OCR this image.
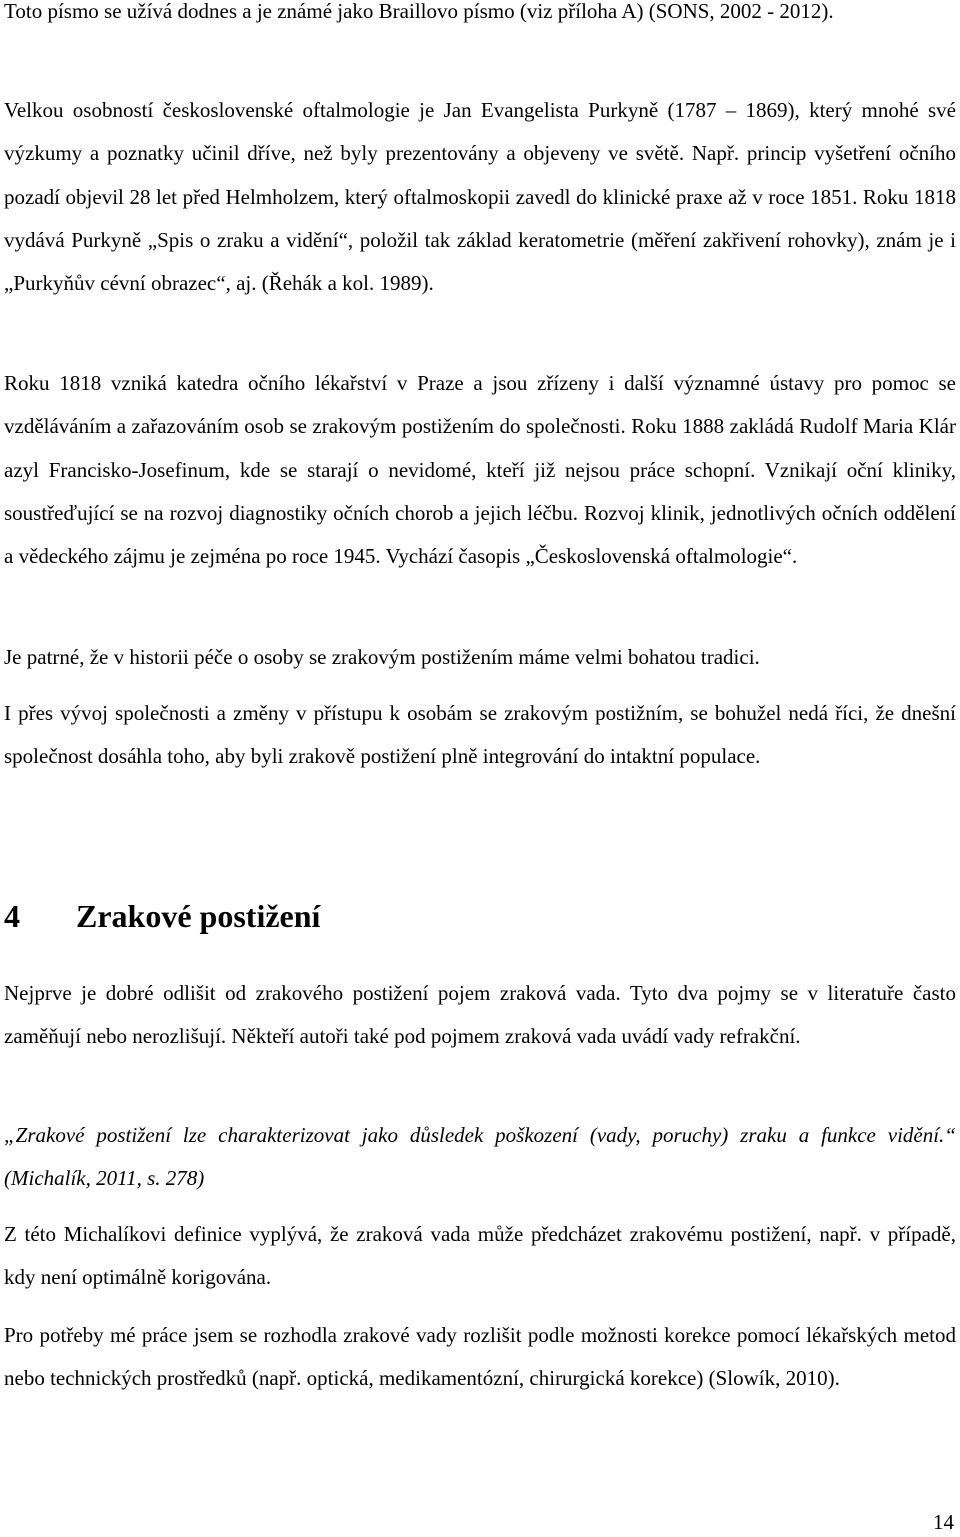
Toto písmo se užívá dodnes a je známé jako Braillovo písmo (viz příloha A) (SONS, 2002 - 2012).

Velkou osobností československé oftalmologie je Jan Evangelista Purkyně (1787 – 1869), který mnohé své výzkumy a poznatky učinil dříve, než byly prezentovány a objeveny ve světě. Např. princip vyšetření očního pozadí objevil 28 let před Helmholzem, který oftalmoskopii zavedl do klinické praxe až v roce 1851. Roku 1818 vydává Purkyně „Spis o zraku a vidění“, položil tak základ keratometrie (měření zakřivení rohovky), znám je i „Purkyňův cévní obrazec“, aj. (Řehák a kol. 1989).

Roku 1818 vzniká katedra očního lékařství v Praze a jsou zřízeny i další významné ústavy pro pomoc se vzděláváním a zařazováním osob se zrakovým postižením do společnosti. Roku 1888 zakládá Rudolf Maria Klár azyl Francisko-Josefinum, kde se starají o nevidomé, kteří již nejsou práce schopní. Vznikají oční kliniky, soustřeďující se na rozvoj diagnostiky očních chorob a jejich léčbu. Rozvoj klinik, jednotlivých očních oddělení a vědeckého zájmu je zejména po roce 1945. Vychází časopis „Československá oftalmologie“.

Je patrné, že v historii péče o osoby se zrakovým postižením máme velmi bohatou tradici.

I přes vývoj společnosti a změny v přístupu k osobám se zrakovým postižním, se bohužel nedá říci, že dnešní společnost dosáhla toho, aby byli zrakově postižení plně integrování do intaktní populace.

4	Zrakové postižení

Nejprve je dobré odlišit od zrakového postižení pojem zraková vada. Tyto dva pojmy se v literatuře často zaměňují nebo nerozlišují. Někteří autoři také pod pojmem zraková vada uvádí vady refrakční.

„Zrakové postižení lze charakterizovat jako důsledek poškození (vady, poruchy) zraku a funkce vidění.“ (Michalík, 2011, s. 278)

Z této Michalíkovi definice vyplývá, že zraková vada může předcházet zrakovému postižení, např. v případě, kdy není optimálně korigována.

Pro potřeby mé práce jsem se rozhodla zrakové vady rozlišit podle možnosti korekce pomocí lékařských metod nebo technických prostředků (např. optická, medikamentózní, chirurgická korekce) (Slowík, 2010).

14
